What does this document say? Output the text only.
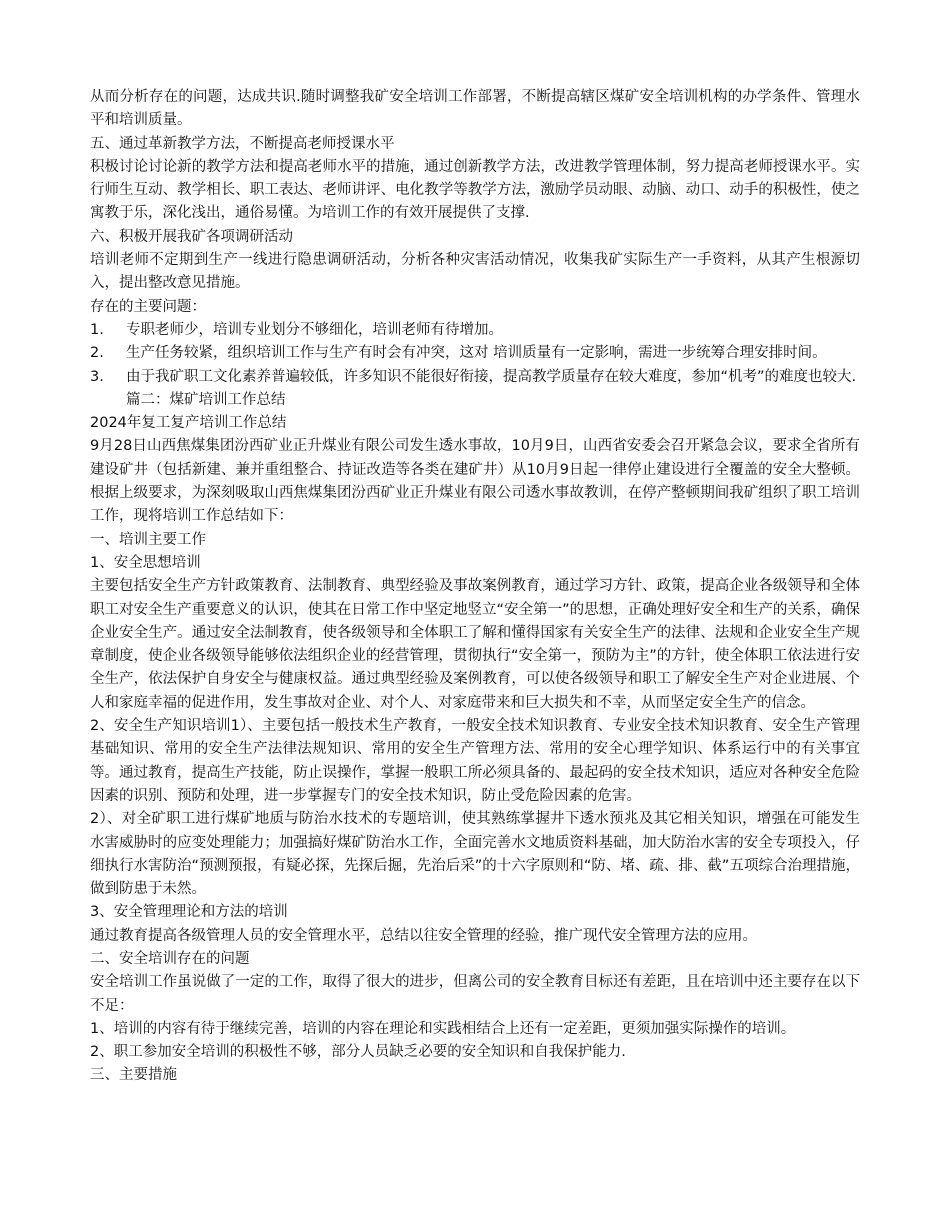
从而分析存在的问题，达成共识.随时调整我矿安全培训工作部署，不断提高辖区煤矿安全培训机构的办学条件、管理水平和培训质量。

五、通过革新教学方法，不断提高老师授课水平

积极讨论讨论新的教学方法和提高老师水平的措施，通过创新教学方法，改进教学管理体制，努力提高老师授课水平。实行师生互动、教学相长、职工表达、老师讲评、电化教学等教学方法，激励学员动眼、动脑、动口、动手的积极性，使之寓教于乐，深化浅出，通俗易懂。为培训工作的有效开展提供了支撑.

六、积极开展我矿各项调研活动

培训老师不定期到生产一线进行隐患调研活动，分析各种灾害活动情况，收集我矿实际生产一手资料，从其产生根源切入，提出整改意见措施。

存在的主要问题：

1.	专职老师少，培训专业划分不够细化，培训老师有待增加。
2.	生产任务较紧，组织培训工作与生产有时会有冲突，这对 培训质量有一定影响，需进一步统筹合理安排时间。
3.	由于我矿职工文化素养普遍较低，许多知识不能很好衔接，提高教学质量存在较大难度，参加“机考”的难度也较大.篇二：煤矿培训工作总结

2024年复工复产培训工作总结

9月28日山西焦煤集团汾西矿业正升煤业有限公司发生透水事故，10月9日，山西省安委会召开紧急会议，要求全省所有建设矿井（包括新建、兼并重组整合、持证改造等各类在建矿井）从10月9日起一律停止建设进行全覆盖的安全大整顿。根据上级要求，为深刻吸取山西焦煤集团汾西矿业正升煤业有限公司透水事故教训，在停产整顿期间我矿组织了职工培训工作，现将培训工作总结如下：

一、培训主要工作

1、安全思想培训

主要包括安全生产方针政策教育、法制教育、典型经验及事故案例教育，通过学习方针、政策，提高企业各级领导和全体职工对安全生产重要意义的认识，使其在日常工作中坚定地竖立“安全第一”的思想，正确处理好安全和生产的关系，确保企业安全生产。通过安全法制教育，使各级领导和全体职工了解和懂得国家有关安全生产的法律、法规和企业安全生产规章制度，使企业各级领导能够依法组织企业的经营管理，贯彻执行“安全第一，预防为主”的方针，使全体职工依法进行安全生产，依法保护自身安全与健康权益。通过典型经验及案例教育，可以使各级领导和职工了解安全生产对企业进展、个人和家庭幸福的促进作用，发生事故对企业、对个人、对家庭带来和巨大损失和不幸，从而坚定安全生产的信念。

2、安全生产知识培训1）、主要包括一般技术生产教育，一般安全技术知识教育、专业安全技术知识教育、安全生产管理基础知识、常用的安全生产法律法规知识、常用的安全生产管理方法、常用的安全心理学知识、体系运行中的有关事宜等。通过教育，提高生产技能，防止误操作，掌握一般职工所必须具备的、最起码的安全技术知识，适应对各种安全危险因素的识别、预防和处理，进一步掌握专门的安全技术知识，防止受危险因素的危害。

2）、对全矿职工进行煤矿地质与防治水技术的专题培训，使其熟练掌握井下透水预兆及其它相关知识，增强在可能发生水害威胁时的应变处理能力；加强搞好煤矿防治水工作，全面完善水文地质资料基础，加大防治水害的安全专项投入，仔细执行水害防治“预测预报，有疑必探，先探后掘，先治后采”的十六字原则和“防、堵、疏、排、截”五项综合治理措施，做到防患于未然。

3、安全管理理论和方法的培训

通过教育提高各级管理人员的安全管理水平，总结以往安全管理的经验，推广现代安全管理方法的应用。

二、安全培训存在的问题

安全培训工作虽说做了一定的工作，取得了很大的进步，但离公司的安全教育目标还有差距，且在培训中还主要存在以下不足：

1、培训的内容有待于继续完善，培训的内容在理论和实践相结合上还有一定差距，更须加强实际操作的培训。

2、职工参加安全培训的积极性不够，部分人员缺乏必要的安全知识和自我保护能力.

三、主要措施
